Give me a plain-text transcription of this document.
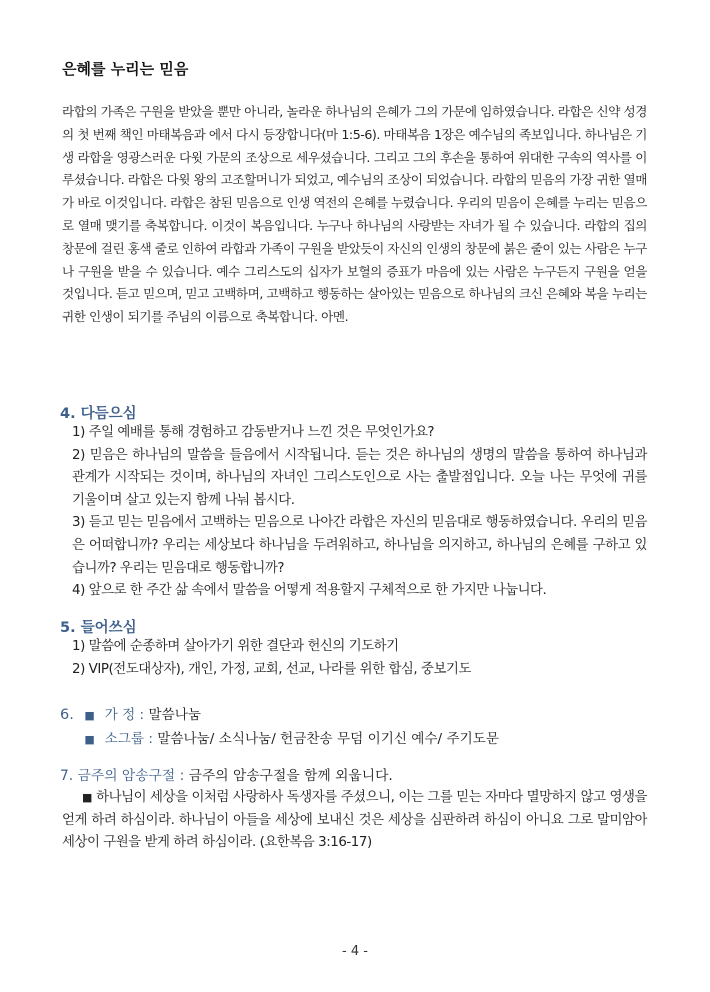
은혜를 누리는 믿음

라합의 가족은 구원을 받았을 뿐만 아니라, 놀라운 하나님의 은혜가 그의 가문에 임하였습니다. 라합은 신약 성경의 첫 번째 책인 마태복음과 에서 다시 등장합니다(마 1:5-6). 마태복음 1장은 예수님의 족보입니다. 하나님은 기생 라합을 영광스러운 다윗 가문의 조상으로 세우셨습니다. 그리고 그의 후손을 통하여 위대한 구속의 역사를 이루셨습니다. 라합은 다윗 왕의 고조할머니가 되었고, 예수님의 조상이 되었습니다. 라합의 믿음의 가장 귀한 열매가 바로 이것입니다. 라합은 참된 믿음으로 인생 역전의 은혜를 누렸습니다. 우리의 믿음이 은혜를 누리는 믿음으로 열매 맺기를 축복합니다. 이것이 복음입니다. 누구나 하나님의 사랑받는 자녀가 될 수 있습니다. 라합의 집의 창문에 걸린 홍색 줄로 인하여 라합과 가족이 구원을 받았듯이 자신의 인생의 창문에 붉은 줄이 있는 사람은 누구나 구원을 받을 수 있습니다. 예수 그리스도의 십자가 보혈의 증표가 마음에 있는 사람은 누구든지 구원을 얻을 것입니다. 듣고 믿으며, 믿고 고백하며, 고백하고 행동하는 살아있는 믿음으로 하나님의 크신 은혜와 복을 누리는 귀한 인생이 되기를 주님의 이름으로 축복합니다. 아멘.

4. 다듬으심
1) 주일 예배를 통해 경험하고 감동받거나 느낀 것은 무엇인가요?
2) 믿음은 하나님의 말씀을 들음에서 시작됩니다. 듣는 것은 하나님의 생명의 말씀을 통하여 하나님과 관계가 시작되는 것이며, 하나님의 자녀인 그리스도인으로 사는 출발점입니다. 오늘 나는 무엇에 귀를 기울이며 살고 있는지 함께 나눠 봅시다.
3) 듣고 믿는 믿음에서 고백하는 믿음으로 나아간 라합은 자신의 믿음대로 행동하였습니다. 우리의 믿음은 어떠합니까? 우리는 세상보다 하나님을 두려워하고, 하나님을 의지하고, 하나님의 은혜를 구하고 있습니까? 우리는 믿음대로 행동합니까?
4) 앞으로 한 주간 삶 속에서 말씀을 어떻게 적용할지 구체적으로 한 가지만 나눕니다.
5. 들어쓰심
1) 말씀에 순종하며 살아가기 위한 결단과 헌신의 기도하기
2) VIP(전도대상자), 개인, 가정, 교회, 선교, 나라를 위한 합심, 중보기도
6. ■ 가 정 : 말씀나눔
■ 소그룹 : 말씀나눔/ 소식나눔/ 헌금찬송 무덤 이기신 예수/ 주기도문

7. 금주의 암송구절 : 금주의 암송구절을 함께 외웁니다.

■ 하나님이 세상을 이처럼 사랑하사 독생자를 주셨으니, 이는 그를 믿는 자마다 멸망하지 않고 영생을 얻게 하려 하심이라. 하나님이 아들을 세상에 보내신 것은 세상을 심판하려 하심이 아니요 그로 말미암아 세상이 구원을 받게 하려 하심이라. (요한복음 3:16-17)

- 4 -
